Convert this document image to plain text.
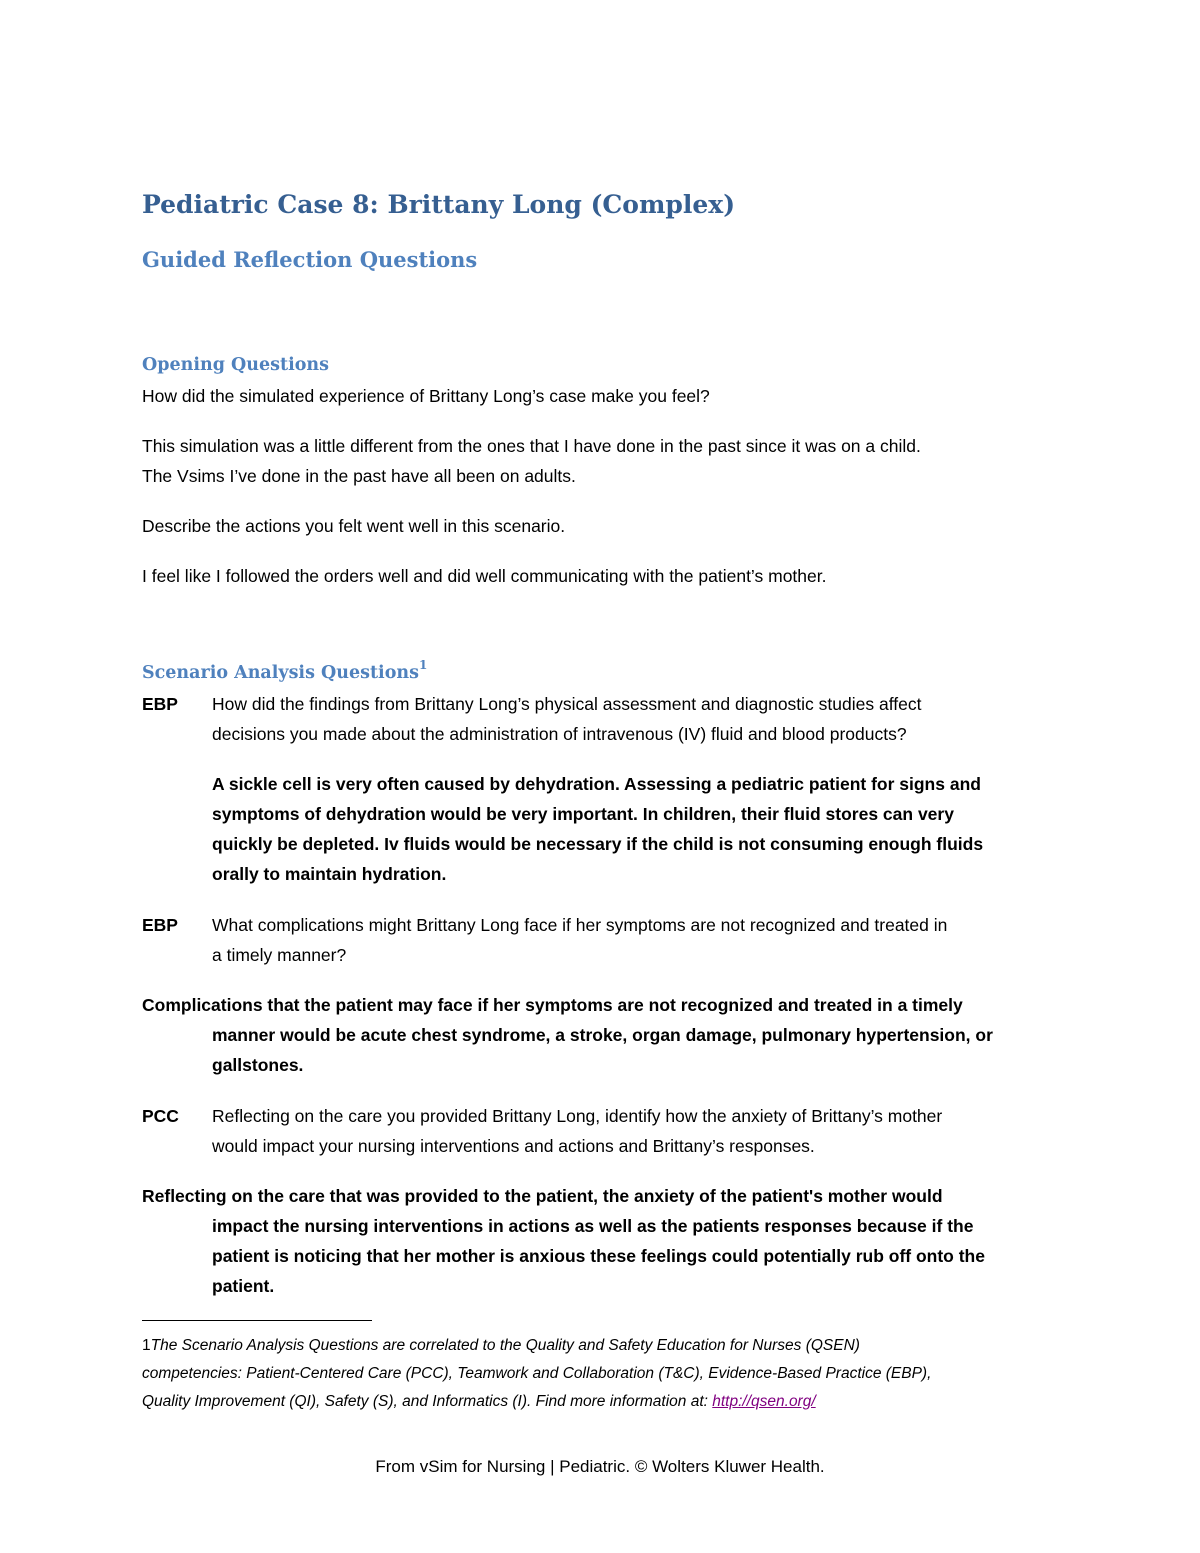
Pediatric Case 8: Brittany Long (Complex)
Guided Reflection Questions
Opening Questions

How did the simulated experience of Brittany Long’s case make you feel?

This simulation was a little different from the ones that I have done in the past since it was on a child.
The Vsims I’ve done in the past have all been on adults.

Describe the actions you felt went well in this scenario.

I feel like I followed the orders well and did well communicating with the patient’s mother.

Scenario Analysis Questions$^1$
EBP How did the findings from Brittany Long’s physical assessment and diagnostic studies affect
decisions you made about the administration of intravenous (IV) fluid and blood products?
A sickle cell is very often caused by dehydration. Assessing a pediatric patient for signs and
symptoms of dehydration would be very important. In children, their fluid stores can very
quickly be depleted. Iv fluids would be necessary if the child is not consuming enough fluids
orally to maintain hydration.
EBP What complications might Brittany Long face if her symptoms are not recognized and treated in
a timely manner?
Complications that the patient may face if her symptoms are not recognized and treated in a timely
manner would be acute chest syndrome, a stroke, organ damage, pulmonary hypertension, or
gallstones.
PCC Reflecting on the care you provided Brittany Long, identify how the anxiety of Brittany’s mother
would impact your nursing interventions and actions and Brittany’s responses.
Reflecting on the care that was provided to the patient, the anxiety of the patient's mother would
impact the nursing interventions in actions as well as the patients responses because if the
patient is noticing that her mother is anxious these feelings could potentially rub off onto the
patient.
1The Scenario Analysis Questions are correlated to the Quality and Safety Education for Nurses (QSEN)
competencies: Patient-Centered Care (PCC), Teamwork and Collaboration (T&C), Evidence-Based Practice (EBP),
Quality Improvement (QI), Safety (S), and Informatics (I). Find more information at: http://qsen.org/
From vSim for Nursing | Pediatric. © Wolters Kluwer Health.
